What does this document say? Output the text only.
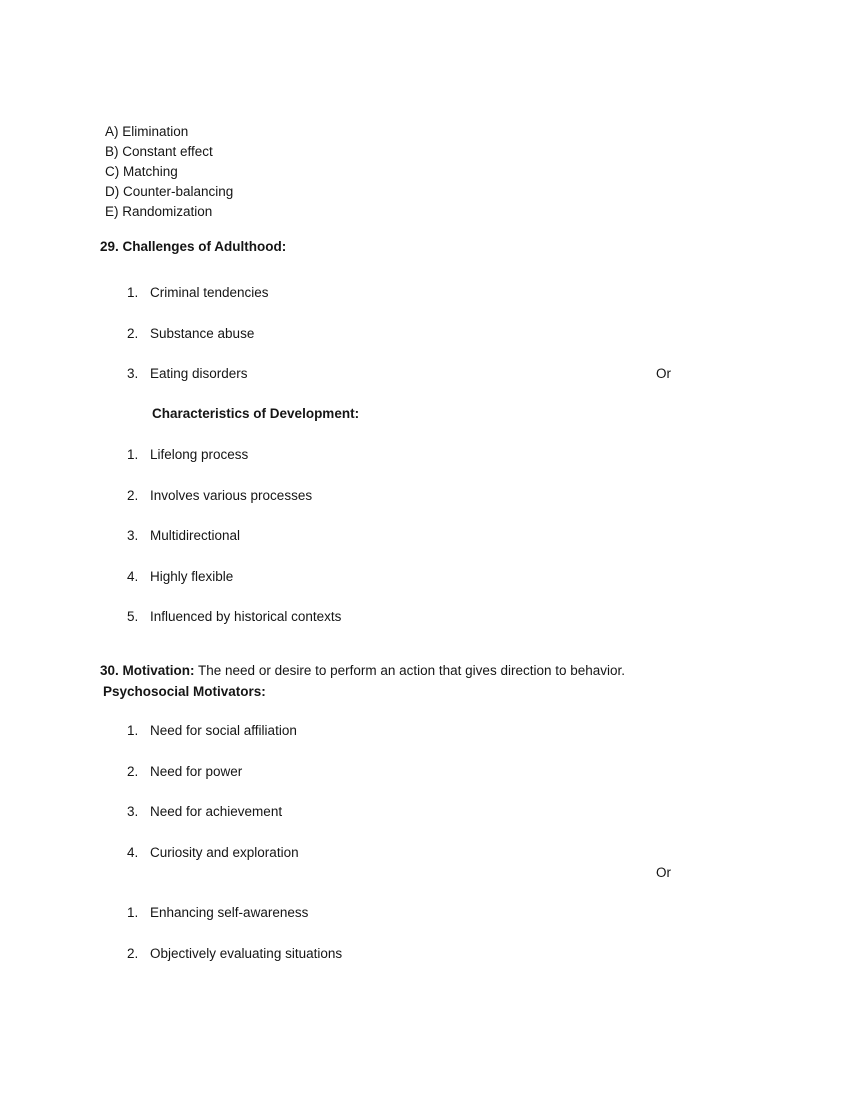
A) Elimination
B) Constant effect
C) Matching
D) Counter-balancing
E) Randomization

29. Challenges of Adulthood:

Criminal tendencies
Substance abuse
Eating disorders	Or

Characteristics of Development:

Lifelong process
Involves various processes
Multidirectional
Highly flexible
Influenced by historical contexts

30. Motivation: The need or desire to perform an action that gives direction to behavior.

Psychosocial Motivators:

Need for social affiliation
Need for power
Need for achievement
Curiosity and exploration

Or

Enhancing self-awareness
Objectively evaluating situations
